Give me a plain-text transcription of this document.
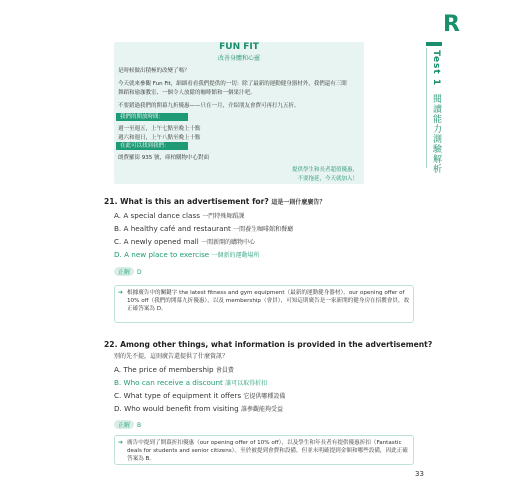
R
Test 1 閱讀能力測驗解析
FUN FIT
改善身體和心靈
是時候做出積極的改變了嗎？
今天就來參觀 Fun Fit，細細看看我們提供的一切：除了最新的運動健身器材外，我們還有三間
舞蹈和瑜珈教室、一個令人放鬆的咖啡館和一個果汁吧。
不要錯過我們的開幕九折優惠——只在一月，介紹朋友會費可再打九五折。
我們的開放時間：
週一至週五，上午七點至晚上十點
週六和週日，上午八點至晚上十點
在此可以找到我們：
朗費羅街 935 號，庫柏購物中心對面
提供學生和長者超值優惠，
不要拖延，今天就加入！
21. What is this an advertisement for? 這是一則什麼廣告？
A. A special dance class 一門特殊舞蹈課
B. A healthy café and restaurant 一間養生咖啡館和餐廳
C. A newly opened mall 一間新開的購物中心
D. A new place to exercise 一個新的運動場所
正解 D
➔ 根據廣告中的關鍵字 the latest fitness and gym equipment（最新的運動健身器材）、our opening offer of 10% off（我們的開幕九折優惠），以及 membership（會員），可知這則廣告是一家新開的健身房在招攬會員，故正確答案為 D。
22. Among other things, what information is provided in the advertisement?
別的先不提，這則廣告還提供了什麼資訊？
A. The price of membership 會員費
B. Who can receive a discount 誰可以取得折扣
C. What type of equipment it offers 它提供哪種設備
D. Who would benefit from visiting 誰參觀能夠受益
正解 B
➔ 廣告中提到了開幕折扣優惠（our opening offer of 10% off），以及學生和年長者有提供優惠折扣（Fantastic deals for students and senior citizens）。至於被提到會費和設備，但並未明確提到金額和哪些設備，因此正確答案為 B。
33
